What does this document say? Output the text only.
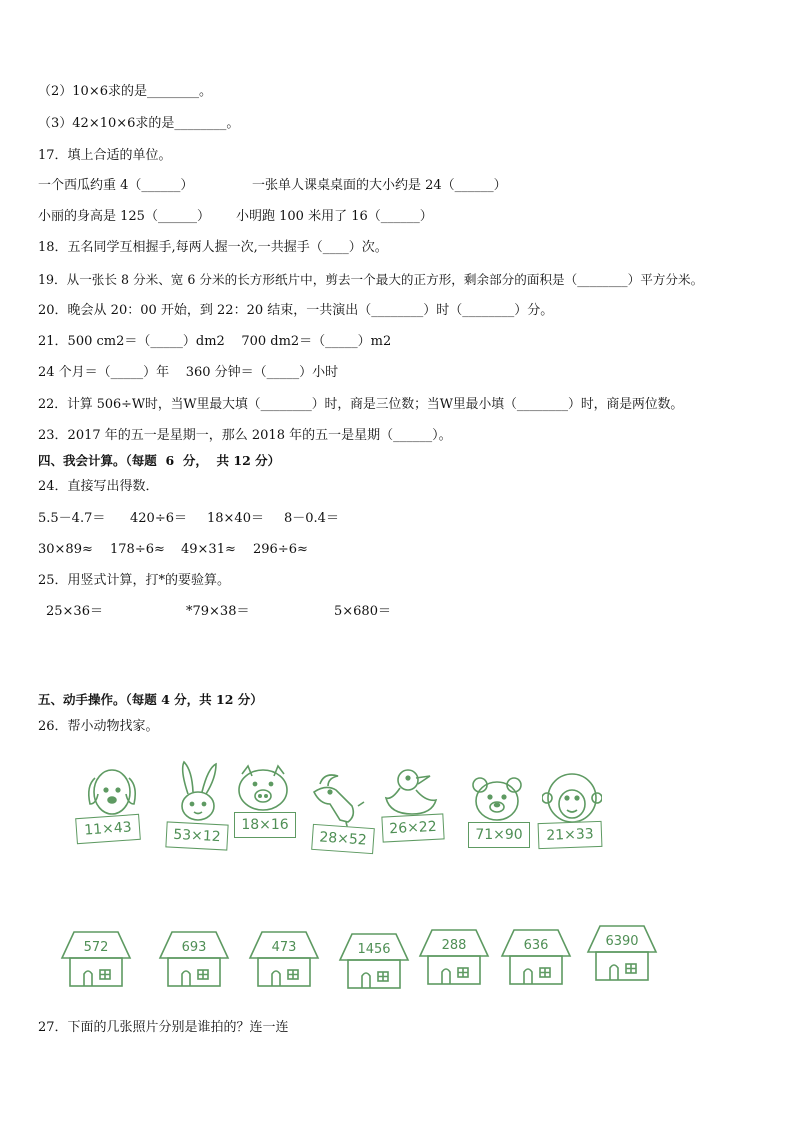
（2）10×6求的是________。
（3）42×10×6求的是________。
17．填上合适的单位。
一个西瓜约重 4（______）	一张单人课桌桌面的大小约是 24（______）
小丽的身高是 125（______） 小明跑 100 米用了 16（______）
18．五名同学互相握手,每两人握一次,一共握手（____）次。
19．从一张长 8 分米、宽 6 分米的长方形纸片中，剪去一个最大的正方形，剩余部分的面积是（________）平方分米。
20．晚会从 20：00 开始，到 22：20 结束，一共演出（________）时（________）分。
21．500 cm2＝（_____）dm2    700 dm2＝（_____）m2
24 个月＝（_____）年    360 分钟＝（_____）小时
22．计算 506÷W时，当W里最大填（________）时，商是三位数；当W里最小填（________）时，商是两位数。
23．2017 年的五一是星期一，那么 2018 年的五一是星期（______）。
四、我会计算。（每题  6  分，  共 12 分）
24．直接写出得数．
5.5－4.7＝ 420÷6＝ 18×40＝ 8－0.4＝
30×89≈ 178÷6≈ 49×31≈ 296÷6≈
25．用竖式计算，打*的要验算。
25×36＝	*79×38＝	5×680＝
五、动手操作。（每题 4 分，共 12 分）
26．帮小动物找家。
11×43	53×12
18×16
28×52
26×22	71×90	21×33
572	693	473	1456	288	636	6390
27．下面的几张照片分别是谁拍的？连一连
